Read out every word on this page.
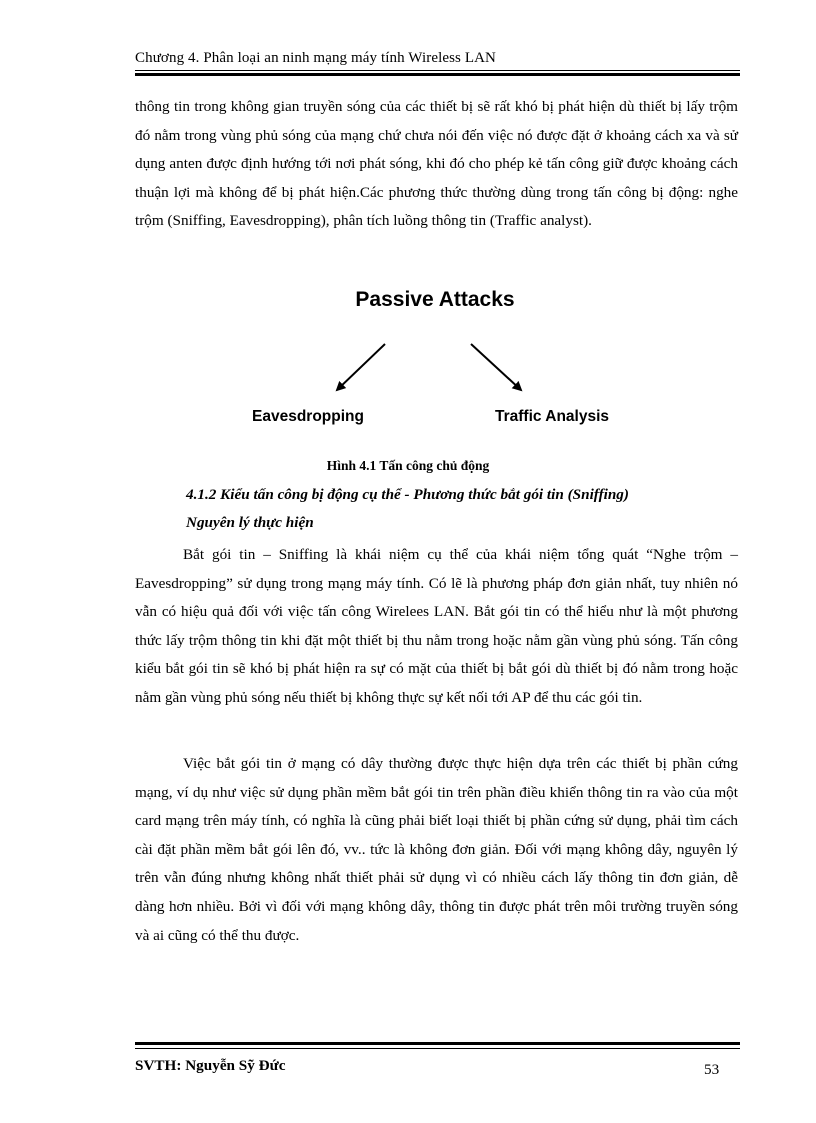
Chương 4. Phân loại an ninh mạng máy tính Wireless LAN

thông tin trong không gian truyền sóng của các thiết bị sẽ rất khó bị phát hiện dù thiết bị lấy trộm đó nằm trong vùng phủ sóng của mạng chứ chưa nói đến việc nó được đặt ở khoảng cách xa và sử dụng anten được định hướng tới nơi phát sóng, khi đó cho phép kẻ tấn công giữ được khoảng cách thuận lợi mà không để bị phát hiện.Các phương thức thường dùng trong tấn công bị động: nghe trộm (Sniffing, Eavesdropping), phân tích luồng thông tin (Traffic analyst).

Passive Attacks
Eavesdropping	Traffic Analysis
Hình 4.1 Tấn công chủ động
4.1.2 Kiểu tấn công bị động cụ thể - Phương thức bắt gói tin (Sniffing)
Nguyên lý thực hiện

Bắt gói tin – Sniffing là khái niệm cụ thể của khái niệm tổng quát “Nghe trộm – Eavesdropping” sử dụng trong mạng máy tính. Có lẽ là phương pháp đơn giản nhất, tuy nhiên nó vẫn có hiệu quả đối với việc tấn công Wirelees LAN. Bắt gói tin có thể hiểu như là một phương thức lấy trộm thông tin khi đặt một thiết bị thu nằm trong hoặc nằm gần vùng phủ sóng. Tấn công kiểu bắt gói tin sẽ khó bị phát hiện ra sự có mặt của thiết bị bắt gói dù thiết bị đó nằm trong hoặc nằm gần vùng phủ sóng nếu thiết bị không thực sự kết nối tới AP để thu các gói tin.

Việc bắt gói tin ở mạng có dây thường được thực hiện dựa trên các thiết bị phần cứng mạng, ví dụ như việc sử dụng phần mềm bắt gói tin trên phần điều khiển thông tin ra vào của một card mạng trên máy tính, có nghĩa là cũng phải biết loại thiết bị phần cứng sử dụng, phải tìm cách cài đặt phần mềm bắt gói lên đó, vv.. tức là không đơn giản. Đối với mạng không dây, nguyên lý trên vẫn đúng nhưng không nhất thiết phải sử dụng vì có nhiều cách lấy thông tin đơn giản, dễ dàng hơn nhiều. Bởi vì đối với mạng không dây, thông tin được phát trên môi trường truyền sóng và ai cũng có thể thu được.

SVTH: Nguyễn Sỹ Đức	53
